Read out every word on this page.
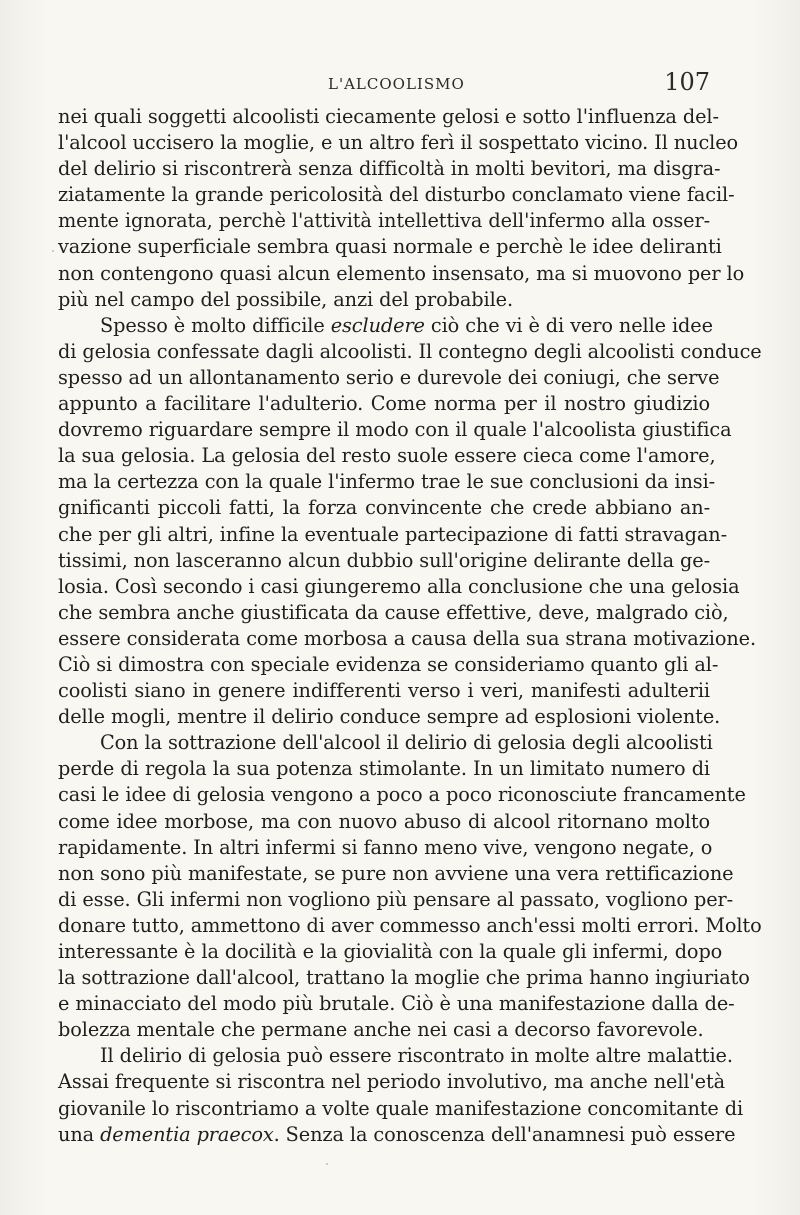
L'ALCOOLISMO	107
nei quali soggetti alcoolisti ciecamente gelosi e sotto l'influenza del-
l'alcool uccisero la moglie, e un altro ferì il sospettato vicino. Il nucleo
del delirio si riscontrerà senza difficoltà in molti bevitori, ma disgra-
ziatamente la grande pericolosità del disturbo conclamato viene facil-
mente ignorata, perchè l'attività intellettiva dell'infermo alla osser-
vazione superficiale sembra quasi normale e perchè le idee deliranti
non contengono quasi alcun elemento insensato, ma si muovono per lo
più nel campo del possibile, anzi del probabile.
Spesso è molto difficile escludere ciò che vi è di vero nelle idee
di gelosia confessate dagli alcoolisti. Il contegno degli alcoolisti conduce
spesso ad un allontanamento serio e durevole dei coniugi, che serve
appunto a facilitare l'adulterio. Come norma per il nostro giudizio
dovremo riguardare sempre il modo con il quale l'alcoolista giustifica
la sua gelosia. La gelosia del resto suole essere cieca come l'amore,
ma la certezza con la quale l'infermo trae le sue conclusioni da insi-
gnificanti piccoli fatti, la forza convincente che crede abbiano an-
che per gli altri, infine la eventuale partecipazione di fatti stravagan-
tissimi, non lasceranno alcun dubbio sull'origine delirante della ge-
losia. Così secondo i casi giungeremo alla conclusione che una gelosia
che sembra anche giustificata da cause effettive, deve, malgrado ciò,
essere considerata come morbosa a causa della sua strana motivazione.
Ciò si dimostra con speciale evidenza se consideriamo quanto gli al-
coolisti siano in genere indifferenti verso i veri, manifesti adulterii
delle mogli, mentre il delirio conduce sempre ad esplosioni violente.
Con la sottrazione dell'alcool il delirio di gelosia degli alcoolisti
perde di regola la sua potenza stimolante. In un limitato numero di
casi le idee di gelosia vengono a poco a poco riconosciute francamente
come idee morbose, ma con nuovo abuso di alcool ritornano molto
rapidamente. In altri infermi si fanno meno vive, vengono negate, o
non sono più manifestate, se pure non avviene una vera rettificazione
di esse. Gli infermi non vogliono più pensare al passato, vogliono per-
donare tutto, ammettono di aver commesso anch'essi molti errori. Molto
interessante è la docilità e la giovialità con la quale gli infermi, dopo
la sottrazione dall'alcool, trattano la moglie che prima hanno ingiuriato
e minacciato del modo più brutale. Ciò è una manifestazione dalla de-
bolezza mentale che permane anche nei casi a decorso favorevole.
Il delirio di gelosia può essere riscontrato in molte altre malattie.
Assai frequente si riscontra nel periodo involutivo, ma anche nell'età
giovanile lo riscontriamo a volte quale manifestazione concomitante di
una dementia praecox. Senza la conoscenza dell'anamnesi può essere
